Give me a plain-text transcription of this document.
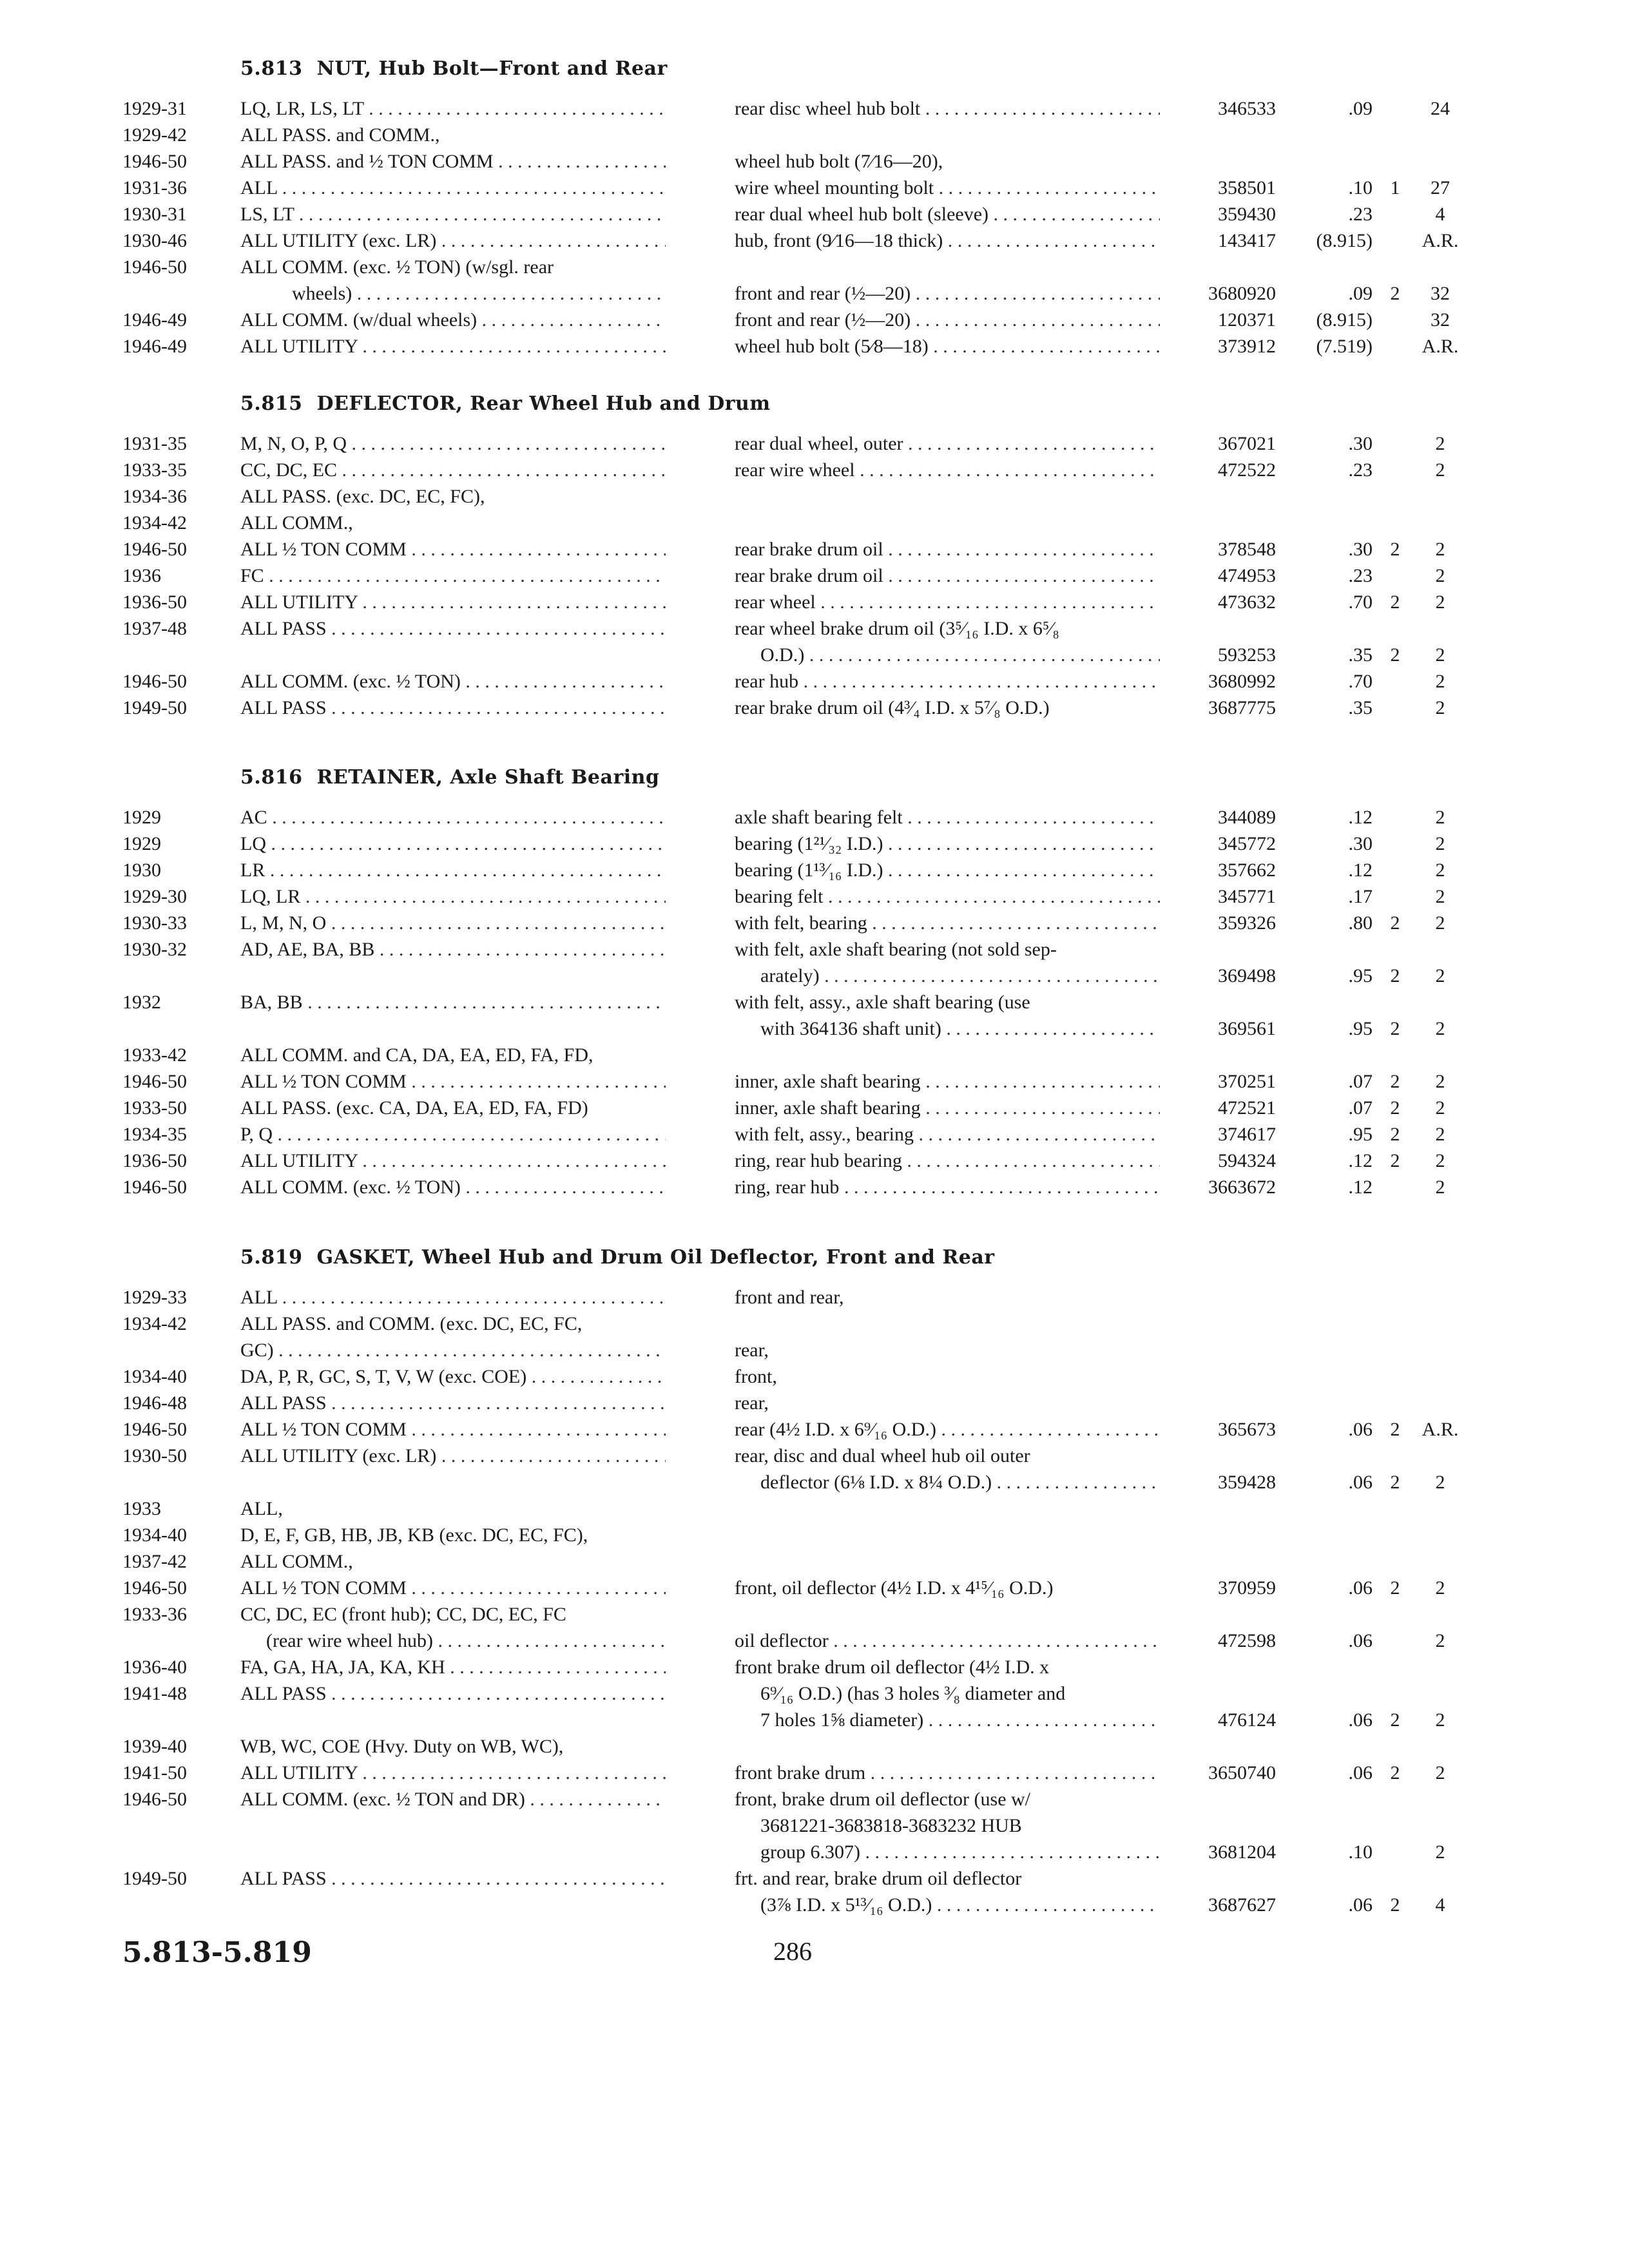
5.813 NUT, Hub Bolt—Front and Rear
1929-31	LQ, LR, LS, LT . . .	rear disc wheel hub bolt . . .	346533	.09	24
1929-42	ALL PASS. and COMM.,
1946-50	ALL PASS. and ½ TON COMM . . .	wheel hub bolt (7⁄16—20),
1931-36	ALL . . .	wire wheel mounting bolt . . .	358501	.10 1	27
1930-31	LS, LT . . .	rear dual wheel hub bolt (sleeve) . . .	359430	.23	4
1930-46	ALL UTILITY (exc. LR) . . .	hub, front (9⁄16—18 thick) . . .	143417	(8.915)	A.R.
1946-50	ALL COMM. (exc. ½ TON) (w/sgl. rear
wheels) . . .	front and rear (½—20) . . .	3680920	.09 2	32
1946-49	ALL COMM. (w/dual wheels) . . .	front and rear (½—20) . . .	120371	(8.915)	32
1946-49	ALL UTILITY . . .	wheel hub bolt (5⁄8—18) . . .	373912	(7.519)	A.R.
5.815 DEFLECTOR, Rear Wheel Hub and Drum
1931-35	M, N, O, P, Q . . .	rear dual wheel, outer . . .	367021	.30	2
1933-35	CC, DC, EC . . .	rear wire wheel . . .	472522	.23	2
1934-36	ALL PASS. (exc. DC, EC, FC),
1934-42	ALL COMM.,
1946-50	ALL ½ TON COMM . . .	rear brake drum oil . . .	378548	.30 2	2
1936	FC . . .	rear brake drum oil . . .	474953	.23	2
1936-50	ALL UTILITY . . .	rear wheel . . .	473632	.70 2	2
1937-48	ALL PASS . . .	rear wheel brake drum oil (3⁵⁄₁₆ I.D. x 6⁵⁄₈
O.D.) . . .	593253	.35 2	2
1946-50	ALL COMM. (exc. ½ TON) . . .	rear hub . . .	3680992	.70	2
1949-50	ALL PASS . . .	rear brake drum oil (4³⁄₄ I.D. x 5⁷⁄₈ O.D.)	3687775	.35	2
5.816 RETAINER, Axle Shaft Bearing
1929	AC . . .	axle shaft bearing felt . . .	344089	.12	2
1929	LQ . . .	bearing (1²¹⁄₃₂ I.D.) . . .	345772	.30	2
1930	LR . . .	bearing (1¹³⁄₁₆ I.D.) . . .	357662	.12	2
1929-30	LQ, LR . . .	bearing felt . . .	345771	.17	2
1930-33	L, M, N, O . . .	with felt, bearing . . .	359326	.80 2	2
1930-32	AD, AE, BA, BB . . .	with felt, axle shaft bearing (not sold sep-
arately) . . .	369498	.95 2	2
1932	BA, BB . . .	with felt, assy., axle shaft bearing (use
with 364136 shaft unit) . . .	369561	.95 2	2
1933-42	ALL COMM. and CA, DA, EA, ED, FA, FD,
1946-50	ALL ½ TON COMM . . .	inner, axle shaft bearing . . .	370251	.07 2	2
1933-50	ALL PASS. (exc. CA, DA, EA, ED, FA, FD)	inner, axle shaft bearing . . .	472521	.07 2	2
1934-35	P, Q . . .	with felt, assy., bearing . . .	374617	.95 2	2
1936-50	ALL UTILITY . . .	ring, rear hub bearing . . .	594324	.12 2	2
1946-50	ALL COMM. (exc. ½ TON) . . .	ring, rear hub . . .	3663672	.12	2
5.819 GASKET, Wheel Hub and Drum Oil Deflector, Front and Rear
1929-33	ALL . . .	front and rear,
1934-42	ALL PASS. and COMM. (exc. DC, EC, FC,
GC) . . .	rear,
1934-40	DA, P, R, GC, S, T, V, W (exc. COE) . . .	front,
1946-48	ALL PASS . . .	rear,
1946-50	ALL ½ TON COMM . . .	rear (4½ I.D. x 6⁹⁄₁₆ O.D.) . . .	365673	.06 2	A.R.
1930-50	ALL UTILITY (exc. LR) . . .	rear, disc and dual wheel hub oil outer
deflector (6⅛ I.D. x 8¼ O.D.) . . .	359428	.06 2	2
1933	ALL,
1934-40	D, E, F, GB, HB, JB, KB (exc. DC, EC, FC),
1937-42	ALL COMM.,
1946-50	ALL ½ TON COMM . . .	front, oil deflector (4½ I.D. x 4¹⁵⁄₁₆ O.D.)	370959	.06 2	2
1933-36	CC, DC, EC (front hub); CC, DC, EC, FC
(rear wire wheel hub) . . .	oil deflector . . .	472598	.06	2
1936-40	FA, GA, HA, JA, KA, KH . . .	front brake drum oil deflector (4½ I.D. x
1941-48	ALL PASS . . .	6⁹⁄₁₆ O.D.) (has 3 holes ³⁄₈ diameter and
7 holes 1⅝ diameter) . . .	476124	.06 2	2
1939-40	WB, WC, COE (Hvy. Duty on WB, WC),
1941-50	ALL UTILITY . . .	front brake drum . . .	3650740	.06 2	2
1946-50	ALL COMM. (exc. ½ TON and DR) . . .	front, brake drum oil deflector (use w/
3681221-3683818-3683232 HUB
group 6.307) . . .	3681204	.10	2
1949-50	ALL PASS . . .	frt. and rear, brake drum oil deflector
(3⅞ I.D. x 5¹³⁄₁₆ O.D.) . . .	3687627	.06 2	4
5.813-5.819	286
